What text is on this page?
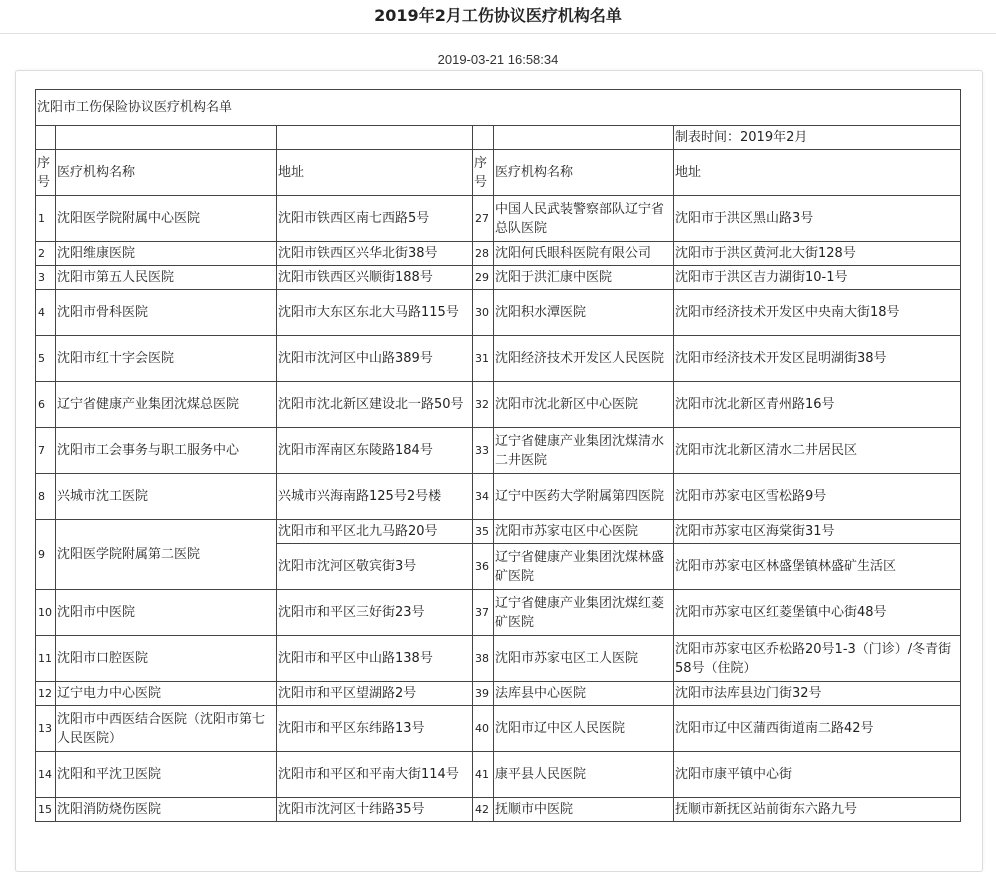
2019年2月工伤协议医疗机构名单
2019-03-21 16:58:34
沈阳市工伤保险协议医疗机构名单					
					制表时间：2019年2月
序号	医疗机构名称	地址	序号	医疗机构名称	地址
1	沈阳医学院附属中心医院	沈阳市铁西区南七西路5号	27	中国人民武装警察部队辽宁省总队医院	沈阳市于洪区黑山路3号
2	沈阳维康医院	沈阳市铁西区兴华北街38号	28	沈阳何氏眼科医院有限公司	沈阳市于洪区黄河北大街128号
3	沈阳市第五人民医院	沈阳市铁西区兴顺街188号	29	沈阳于洪汇康中医院	沈阳市于洪区吉力湖街10-1号
4	沈阳市骨科医院	沈阳市大东区东北大马路115号	30	沈阳积水潭医院	沈阳市经济技术开发区中央南大街18号
5	沈阳市红十字会医院	沈阳市沈河区中山路389号	31	沈阳经济技术开发区人民医院	沈阳市经济技术开发区昆明湖街38号
6	辽宁省健康产业集团沈煤总医院	沈阳市沈北新区建设北一路50号	32	沈阳市沈北新区中心医院	沈阳市沈北新区青州路16号
7	沈阳市工会事务与职工服务中心	沈阳市浑南区东陵路184号	33	辽宁省健康产业集团沈煤清水二井医院	沈阳市沈北新区清水二井居民区
8	兴城市沈工医院	兴城市兴海南路125号2号楼	34	辽宁中医药大学附属第四医院	沈阳市苏家屯区雪松路9号
9	沈阳医学院附属第二医院	沈阳市和平区北九马路20号	35	沈阳市苏家屯区中心医院	沈阳市苏家屯区海棠街31号
		沈阳市沈河区敬宾街3号	36	辽宁省健康产业集团沈煤林盛矿医院	沈阳市苏家屯区林盛堡镇林盛矿生活区
10	沈阳市中医院	沈阳市和平区三好街23号	37	辽宁省健康产业集团沈煤红菱矿医院	沈阳市苏家屯区红菱堡镇中心街48号
11	沈阳市口腔医院	沈阳市和平区中山路138号	38	沈阳市苏家屯区工人医院	沈阳市苏家屯区乔松路20号1-3（门诊）/冬青街58号（住院）
12	辽宁电力中心医院	沈阳市和平区望湖路2号	39	法库县中心医院	沈阳市法库县边门街32号
13	沈阳市中西医结合医院（沈阳市第七人民医院）	沈阳市和平区东纬路13号	40	沈阳市辽中区人民医院	沈阳市辽中区蒲西街道南二路42号
14	沈阳和平沈卫医院	沈阳市和平区和平南大街114号	41	康平县人民医院	沈阳市康平镇中心街
15	沈阳消防烧伤医院	沈阳市沈河区十纬路35号	42	抚顺市中医院	抚顺市新抚区站前街东六路九号
